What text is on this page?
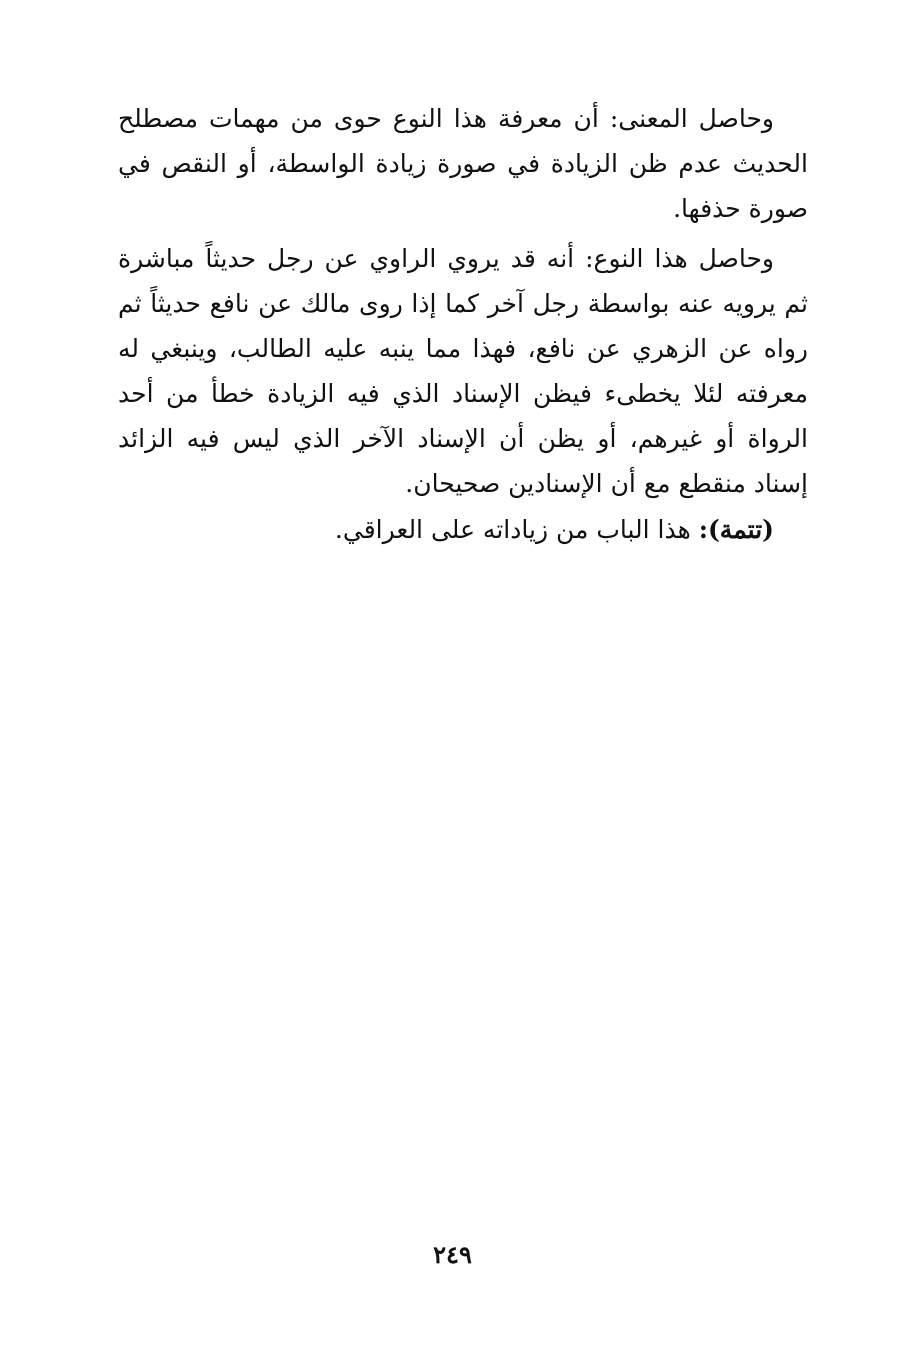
وحاصل المعنى: أن معرفة هذا النوع حوى من مهمات مصطلح الحديث عدم ظن الزيادة في صورة زيادة الواسطة، أو النقص في صورة حذفها.

وحاصل هذا النوع: أنه قد يروي الراوي عن رجل حديثاً مباشرة ثم يرويه عنه بواسطة رجل آخر كما إذا روى مالك عن نافع حديثاً ثم رواه عن الزهري عن نافع، فهذا مما ينبه عليه الطالب، وينبغي له معرفته لئلا يخطىء فيظن الإسناد الذي فيه الزيادة خطأ من أحد الرواة أو غيرهم، أو يظن أن الإسناد الآخر الذي ليس فيه الزائد إسناد منقطع مع أن الإسنادين صحيحان.

(تتمة): هذا الباب من زياداته على العراقي.

٢٤٩
